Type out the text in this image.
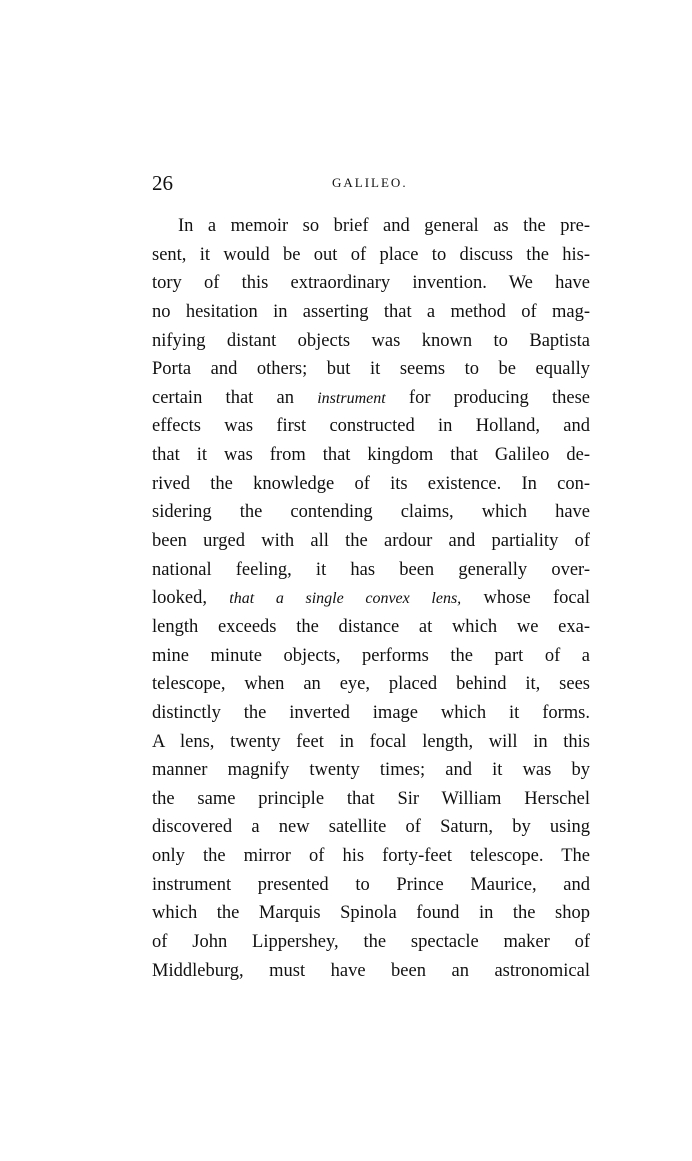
26	GALILEO.
In a memoir so brief and general as the pre-
sent, it would be out of place to discuss the his-
tory of this extraordinary invention. We have
no hesitation in asserting that a method of mag-
nifying distant objects was known to Baptista
Porta and others; but it seems to be equally
certain that an instrument for producing these
effects was first constructed in Holland, and
that it was from that kingdom that Galileo de-
rived the knowledge of its existence. In con-
sidering the contending claims, which have
been urged with all the ardour and partiality of
national feeling, it has been generally over-
looked, that a single convex lens, whose focal
length exceeds the distance at which we exa-
mine minute objects, performs the part of a
telescope, when an eye, placed behind it, sees
distinctly the inverted image which it forms.
A lens, twenty feet in focal length, will in this
manner magnify twenty times; and it was by
the same principle that Sir William Herschel
discovered a new satellite of Saturn, by using
only the mirror of his forty-feet telescope. The
instrument presented to Prince Maurice, and
which the Marquis Spinola found in the shop
of John Lippershey, the spectacle maker of
Middleburg, must have been an astronomical
